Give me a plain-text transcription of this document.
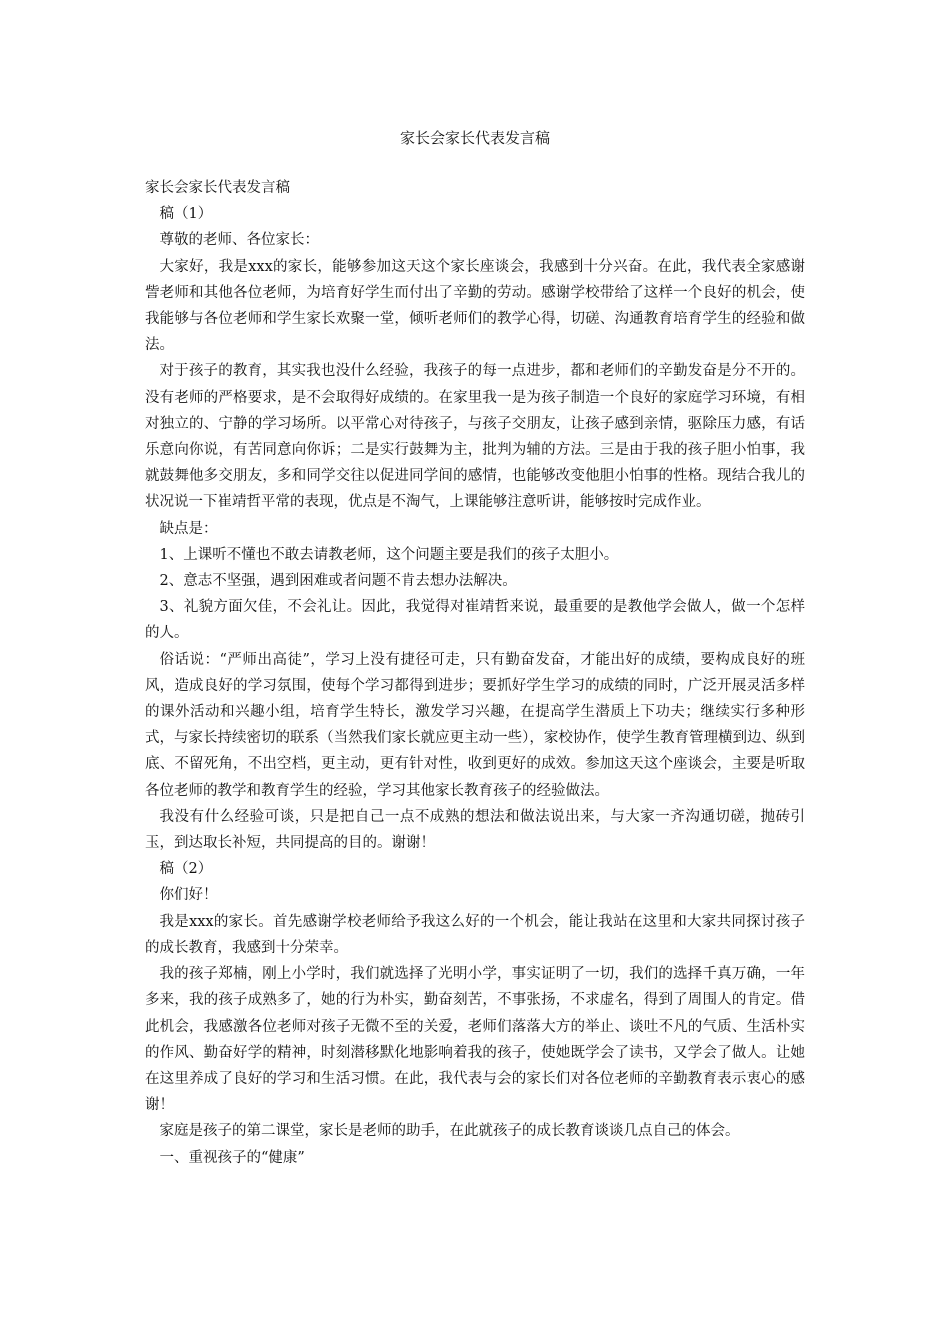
家长会家长代表发言稿

家长会家长代表发言稿

稿（1）

尊敬的老师、各位家长：

大家好，我是xxx的家长，能够参加这天这个家长座谈会，我感到十分兴奋。在此，我代表全家感谢訾老师和其他各位老师，为培育好学生而付出了辛勤的劳动。感谢学校带给了这样一个良好的机会，使我能够与各位老师和学生家长欢聚一堂，倾听老师们的教学心得，切磋、沟通教育培育学生的经验和做法。

对于孩子的教育，其实我也没什么经验，我孩子的每一点进步，都和老师们的辛勤发奋是分不开的。没有老师的严格要求，是不会取得好成绩的。在家里我一是为孩子制造一个良好的家庭学习环境，有相对独立的、宁静的学习场所。以平常心对待孩子，与孩子交朋友，让孩子感到亲情，驱除压力感，有话乐意向你说，有苦同意向你诉；二是实行鼓舞为主，批判为辅的方法。三是由于我的孩子胆小怕事，我就鼓舞他多交朋友，多和同学交往以促进同学间的感情，也能够改变他胆小怕事的性格。现结合我儿的状况说一下崔靖哲平常的表现，优点是不淘气，上课能够注意听讲，能够按时完成作业。

缺点是：

1、上课听不懂也不敢去请教老师，这个问题主要是我们的孩子太胆小。

2、意志不坚强，遇到困难或者问题不肯去想办法解决。

3、礼貌方面欠佳，不会礼让。因此，我觉得对崔靖哲来说，最重要的是教他学会做人，做一个怎样的人。

俗话说：“严师出高徒”，学习上没有捷径可走，只有勤奋发奋，才能出好的成绩，要构成良好的班风，造成良好的学习氛围，使每个学习都得到进步；要抓好学生学习的成绩的同时，广泛开展灵活多样的课外活动和兴趣小组，培育学生特长，激发学习兴趣，在提高学生潜质上下功夫；继续实行多种形式，与家长持续密切的联系（当然我们家长就应更主动一些），家校协作，使学生教育管理横到边、纵到底、不留死角，不出空档，更主动，更有针对性，收到更好的成效。参加这天这个座谈会，主要是听取各位老师的教学和教育学生的经验，学习其他家长教育孩子的经验做法。

我没有什么经验可谈，只是把自己一点不成熟的想法和做法说出来，与大家一齐沟通切磋，抛砖引玉，到达取长补短，共同提高的目的。谢谢！

稿（2）

你们好！

我是xxx的家长。首先感谢学校老师给予我这么好的一个机会，能让我站在这里和大家共同探讨孩子的成长教育，我感到十分荣幸。

我的孩子郑楠，刚上小学时，我们就选择了光明小学，事实证明了一切，我们的选择千真万确，一年多来，我的孩子成熟多了，她的行为朴实，勤奋刻苦，不事张扬，不求虚名，得到了周围人的肯定。借此机会，我感激各位老师对孩子无微不至的关爱，老师们落落大方的举止、谈吐不凡的气质、生活朴实的作风、勤奋好学的精神，时刻潜移默化地影响着我的孩子，使她既学会了读书，又学会了做人。让她在这里养成了良好的学习和生活习惯。在此，我代表与会的家长们对各位老师的辛勤教育表示衷心的感谢！

家庭是孩子的第二课堂，家长是老师的助手，在此就孩子的成长教育谈谈几点自己的体会。

一、重视孩子的“健康”
